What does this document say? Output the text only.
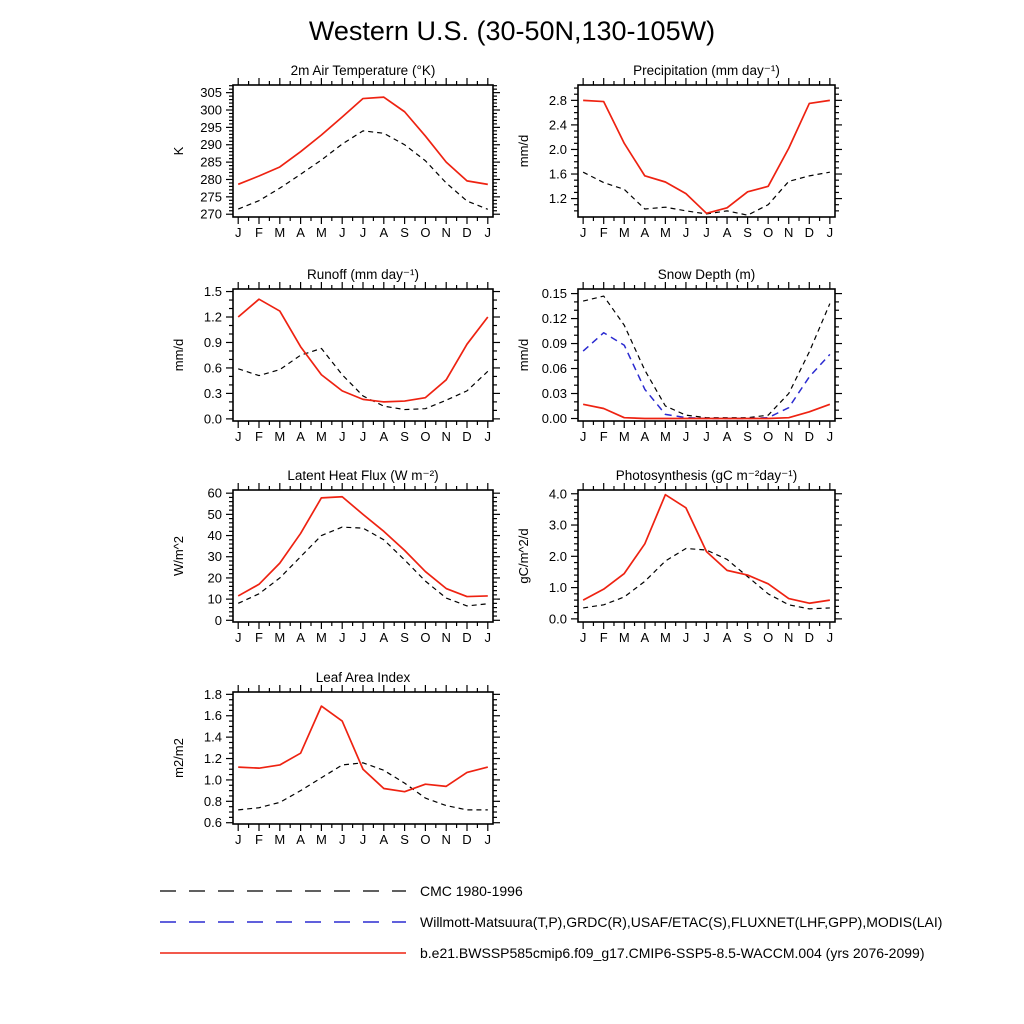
Western U.S. (30-50N,130-105W)
J F M A M J J A S O N D J
270
275
280
285
290
295
300
305
2m Air Temperature (°K)
K
J F M A M J J A S O N D J
1.2
1.6
2.0
2.4
2.8
Precipitation (mm day⁻¹)
mm/d
J F M A M J J A S O N D J
0.0
0.3
0.6
0.9
1.2
1.5
Runoff (mm day⁻¹)
mm/d
J F M A M J J A S O N D J
0.00
0.03
0.06
0.09
0.12
0.15
Snow Depth (m)
mm/d
J F M A M J J A S O N D J
0
10
20
30
40
50
60
Latent Heat Flux (W m⁻²)
W/m^2
J F M A M J J A S O N D J
0.0
1.0
2.0
3.0
4.0
Photosynthesis (gC m⁻²day⁻¹)
gC/m^2/d
J F M A M J J A S O N D J
0.6
0.8
1.0
1.2
1.4
1.6
1.8
Leaf Area Index
m2/m2
CMC 1980-1996
Willmott-Matsuura(T,P),GRDC(R),USAF/ETAC(S),FLUXNET(LHF,GPP),MODIS(LAI)
b.e21.BWSSP585cmip6.f09_g17.CMIP6-SSP5-8.5-WACCM.004 (yrs 2076-2099)
